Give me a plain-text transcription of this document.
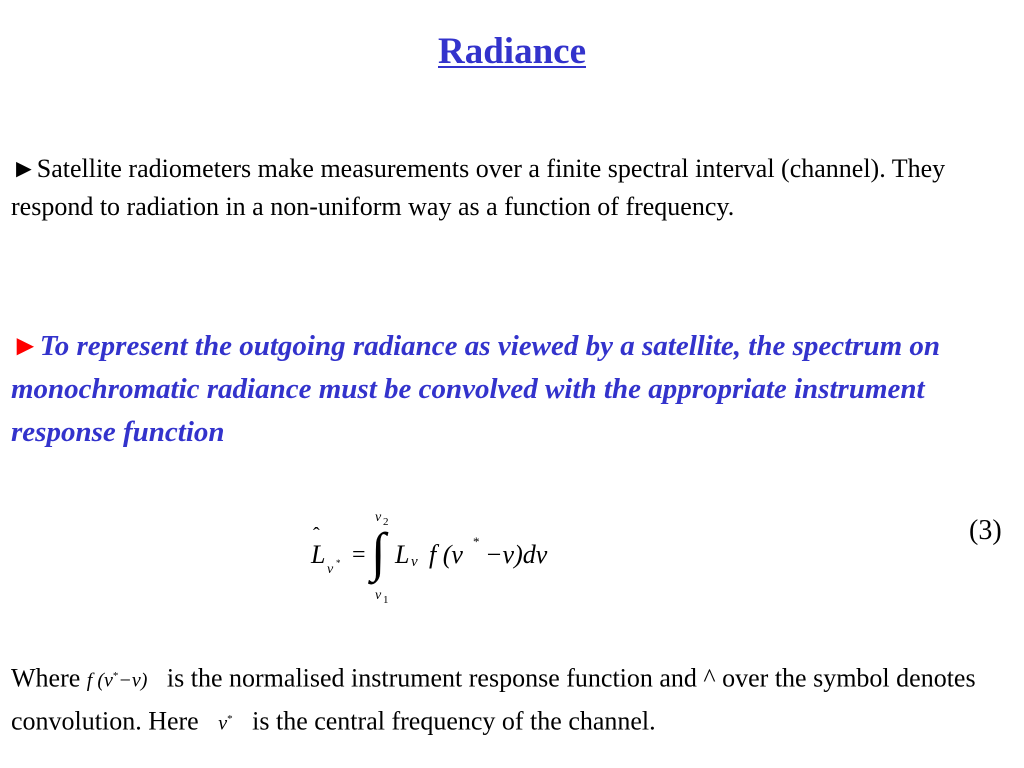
Radiance
►Satellite radiometers make measurements over a finite spectral interval (channel). They respond to radiation in a non-uniform way as a function of frequency.
►To represent the outgoing radiance as viewed by a satellite, the spectrum on monochromatic radiance must be convolved with the appropriate instrument response function
ˆ
L
ν * = ∫
ν 2
ν 1
L ν f (ν * −ν)dν
(3)
Where f (ν*−ν) is the normalised instrument response function and ^ over the symbol denotes convolution. Here ν* is the central frequency of the channel.
